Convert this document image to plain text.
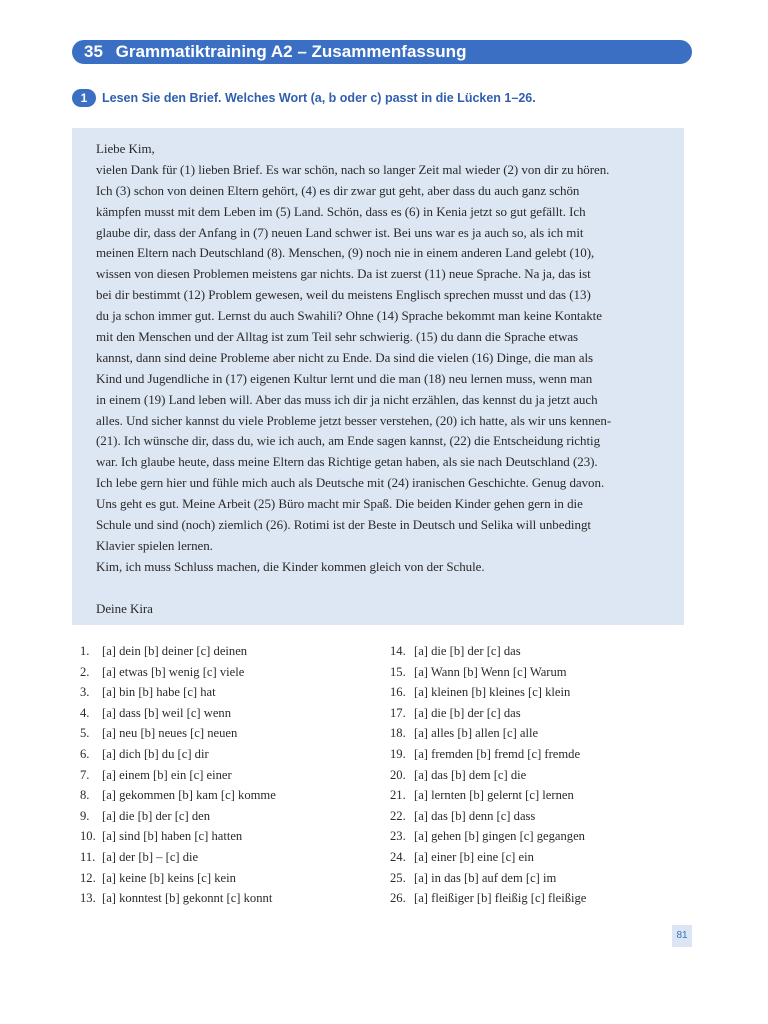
35 Grammatiktraining A2 – Zusammenfassung
1	Lesen Sie den Brief. Welches Wort (a, b oder c) passt in die Lücken 1–26.
Liebe Kim,
vielen Dank für (1) lieben Brief. Es war schön, nach so langer Zeit mal wieder (2) von dir zu hören.
Ich (3) schon von deinen Eltern gehört, (4) es dir zwar gut geht, aber dass du auch ganz schön
kämpfen musst mit dem Leben im (5) Land. Schön, dass es (6) in Kenia jetzt so gut gefällt. Ich
glaube dir, dass der Anfang in (7) neuen Land schwer ist. Bei uns war es ja auch so, als ich mit
meinen Eltern nach Deutschland (8). Menschen, (9) noch nie in einem anderen Land gelebt (10),
wissen von diesen Problemen meistens gar nichts. Da ist zuerst (11) neue Sprache. Na ja, das ist
bei dir bestimmt (12) Problem gewesen, weil du meistens Englisch sprechen musst und das (13)
du ja schon immer gut. Lernst du auch Swahili? Ohne (14) Sprache bekommt man keine Kontakte
mit den Menschen und der Alltag ist zum Teil sehr schwierig. (15) du dann die Sprache etwas
kannst, dann sind deine Probleme aber nicht zu Ende. Da sind die vielen (16) Dinge, die man als
Kind und Jugendliche in (17) eigenen Kultur lernt und die man (18) neu lernen muss, wenn man
in einem (19) Land leben will. Aber das muss ich dir ja nicht erzählen, das kennst du ja jetzt auch
alles. Und sicher kannst du viele Probleme jetzt besser verstehen, (20) ich hatte, als wir uns kennen-
(21). Ich wünsche dir, dass du, wie ich auch, am Ende sagen kannst, (22) die Entscheidung richtig
war. Ich glaube heute, dass meine Eltern das Richtige getan haben, als sie nach Deutschland (23).
Ich lebe gern hier und fühle mich auch als Deutsche mit (24) iranischen Geschichte. Genug davon.
Uns geht es gut. Meine Arbeit (25) Büro macht mir Spaß. Die beiden Kinder gehen gern in die
Schule und sind (noch) ziemlich (26). Rotimi ist der Beste in Deutsch und Selika will unbedingt
Klavier spielen lernen.
Kim, ich muss Schluss machen, die Kinder kommen gleich von der Schule.
Deine Kira
1. [a] dein [b] deiner [c] deinen
2. [a] etwas [b] wenig [c] viele
3. [a] bin [b] habe [c] hat
4. [a] dass [b] weil [c] wenn
5. [a] neu [b] neues [c] neuen
6. [a] dich [b] du [c] dir
7. [a] einem [b] ein [c] einer
8. [a] gekommen [b] kam [c] komme
9. [a] die [b] der [c] den
10. [a] sind [b] haben [c] hatten
11. [a] der [b] – [c] die
12. [a] keine [b] keins [c] kein
13. [a] konntest [b] gekonnt [c] konnt
14. [a] die [b] der [c] das
15. [a] Wann [b] Wenn [c] Warum
16. [a] kleinen [b] kleines [c] klein
17. [a] die [b] der [c] das
18. [a] alles [b] allen [c] alle
19. [a] fremden [b] fremd [c] fremde
20. [a] das [b] dem [c] die
21. [a] lernten [b] gelernt [c] lernen
22. [a] das [b] denn [c] dass
23. [a] gehen [b] gingen [c] gegangen
24. [a] einer [b] eine [c] ein
25. [a] in das [b] auf dem [c] im
26. [a] fleißiger [b] fleißig [c] fleißige
81
